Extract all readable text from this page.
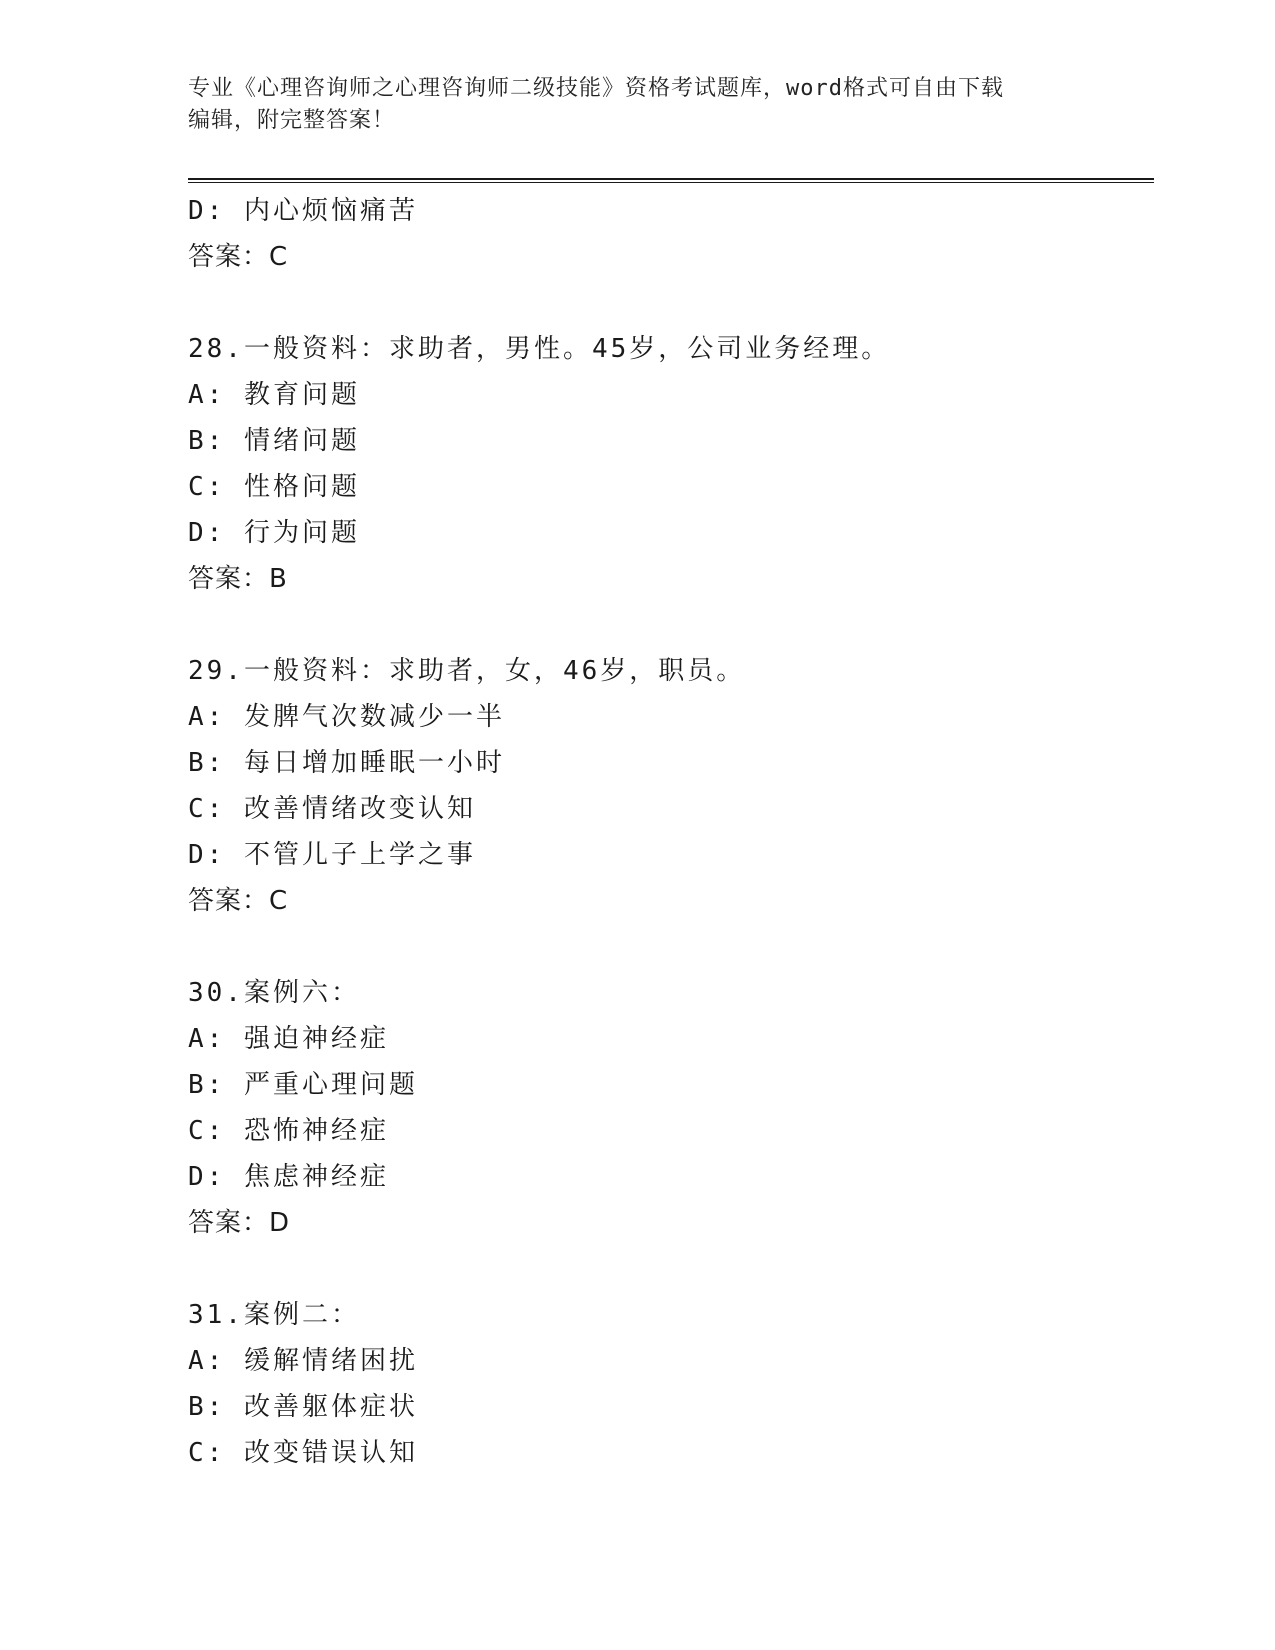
专业《心理咨询师之心理咨询师二级技能》资格考试题库，word格式可自由下载
编辑，附完整答案！
D: 内心烦恼痛苦
答案：C
28.一般资料：求助者，男性。45岁，公司业务经理。
A: 教育问题
B: 情绪问题
C: 性格问题
D: 行为问题
答案：B
29.一般资料：求助者，女，46岁，职员。
A: 发脾气次数减少一半
B: 每日增加睡眠一小时
C: 改善情绪改变认知
D: 不管儿子上学之事
答案：C
30.案例六：
A: 强迫神经症
B: 严重心理问题
C: 恐怖神经症
D: 焦虑神经症
答案：D
31.案例二：
A: 缓解情绪困扰
B: 改善躯体症状
C: 改变错误认知
